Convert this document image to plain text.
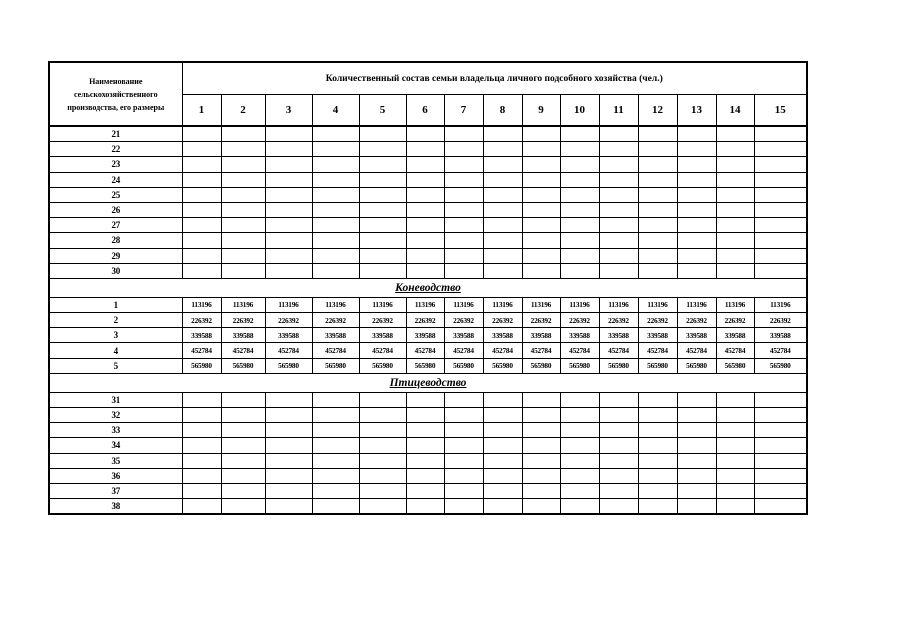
Наименование сельскохозяйственного производства, его размеры	Количественный состав семьи владельца личного подсобного хозяйства (чел.)														
	1	2	3	4	5	6	7	8	9	10	11	12	13	14	15
21															
22															
23															
24															
25															
26															
27															
28															
29															
30															
Коневодство															
1	113196	113196	113196	113196	113196	113196	113196	113196	113196	113196	113196	113196	113196	113196	113196
2	226392	226392	226392	226392	226392	226392	226392	226392	226392	226392	226392	226392	226392	226392	226392
3	339588	339588	339588	339588	339588	339588	339588	339588	339588	339588	339588	339588	339588	339588	339588
4	452784	452784	452784	452784	452784	452784	452784	452784	452784	452784	452784	452784	452784	452784	452784
5	565980	565980	565980	565980	565980	565980	565980	565980	565980	565980	565980	565980	565980	565980	565980
Птицеводство															
31															
32															
33															
34															
35															
36															
37															
38															
